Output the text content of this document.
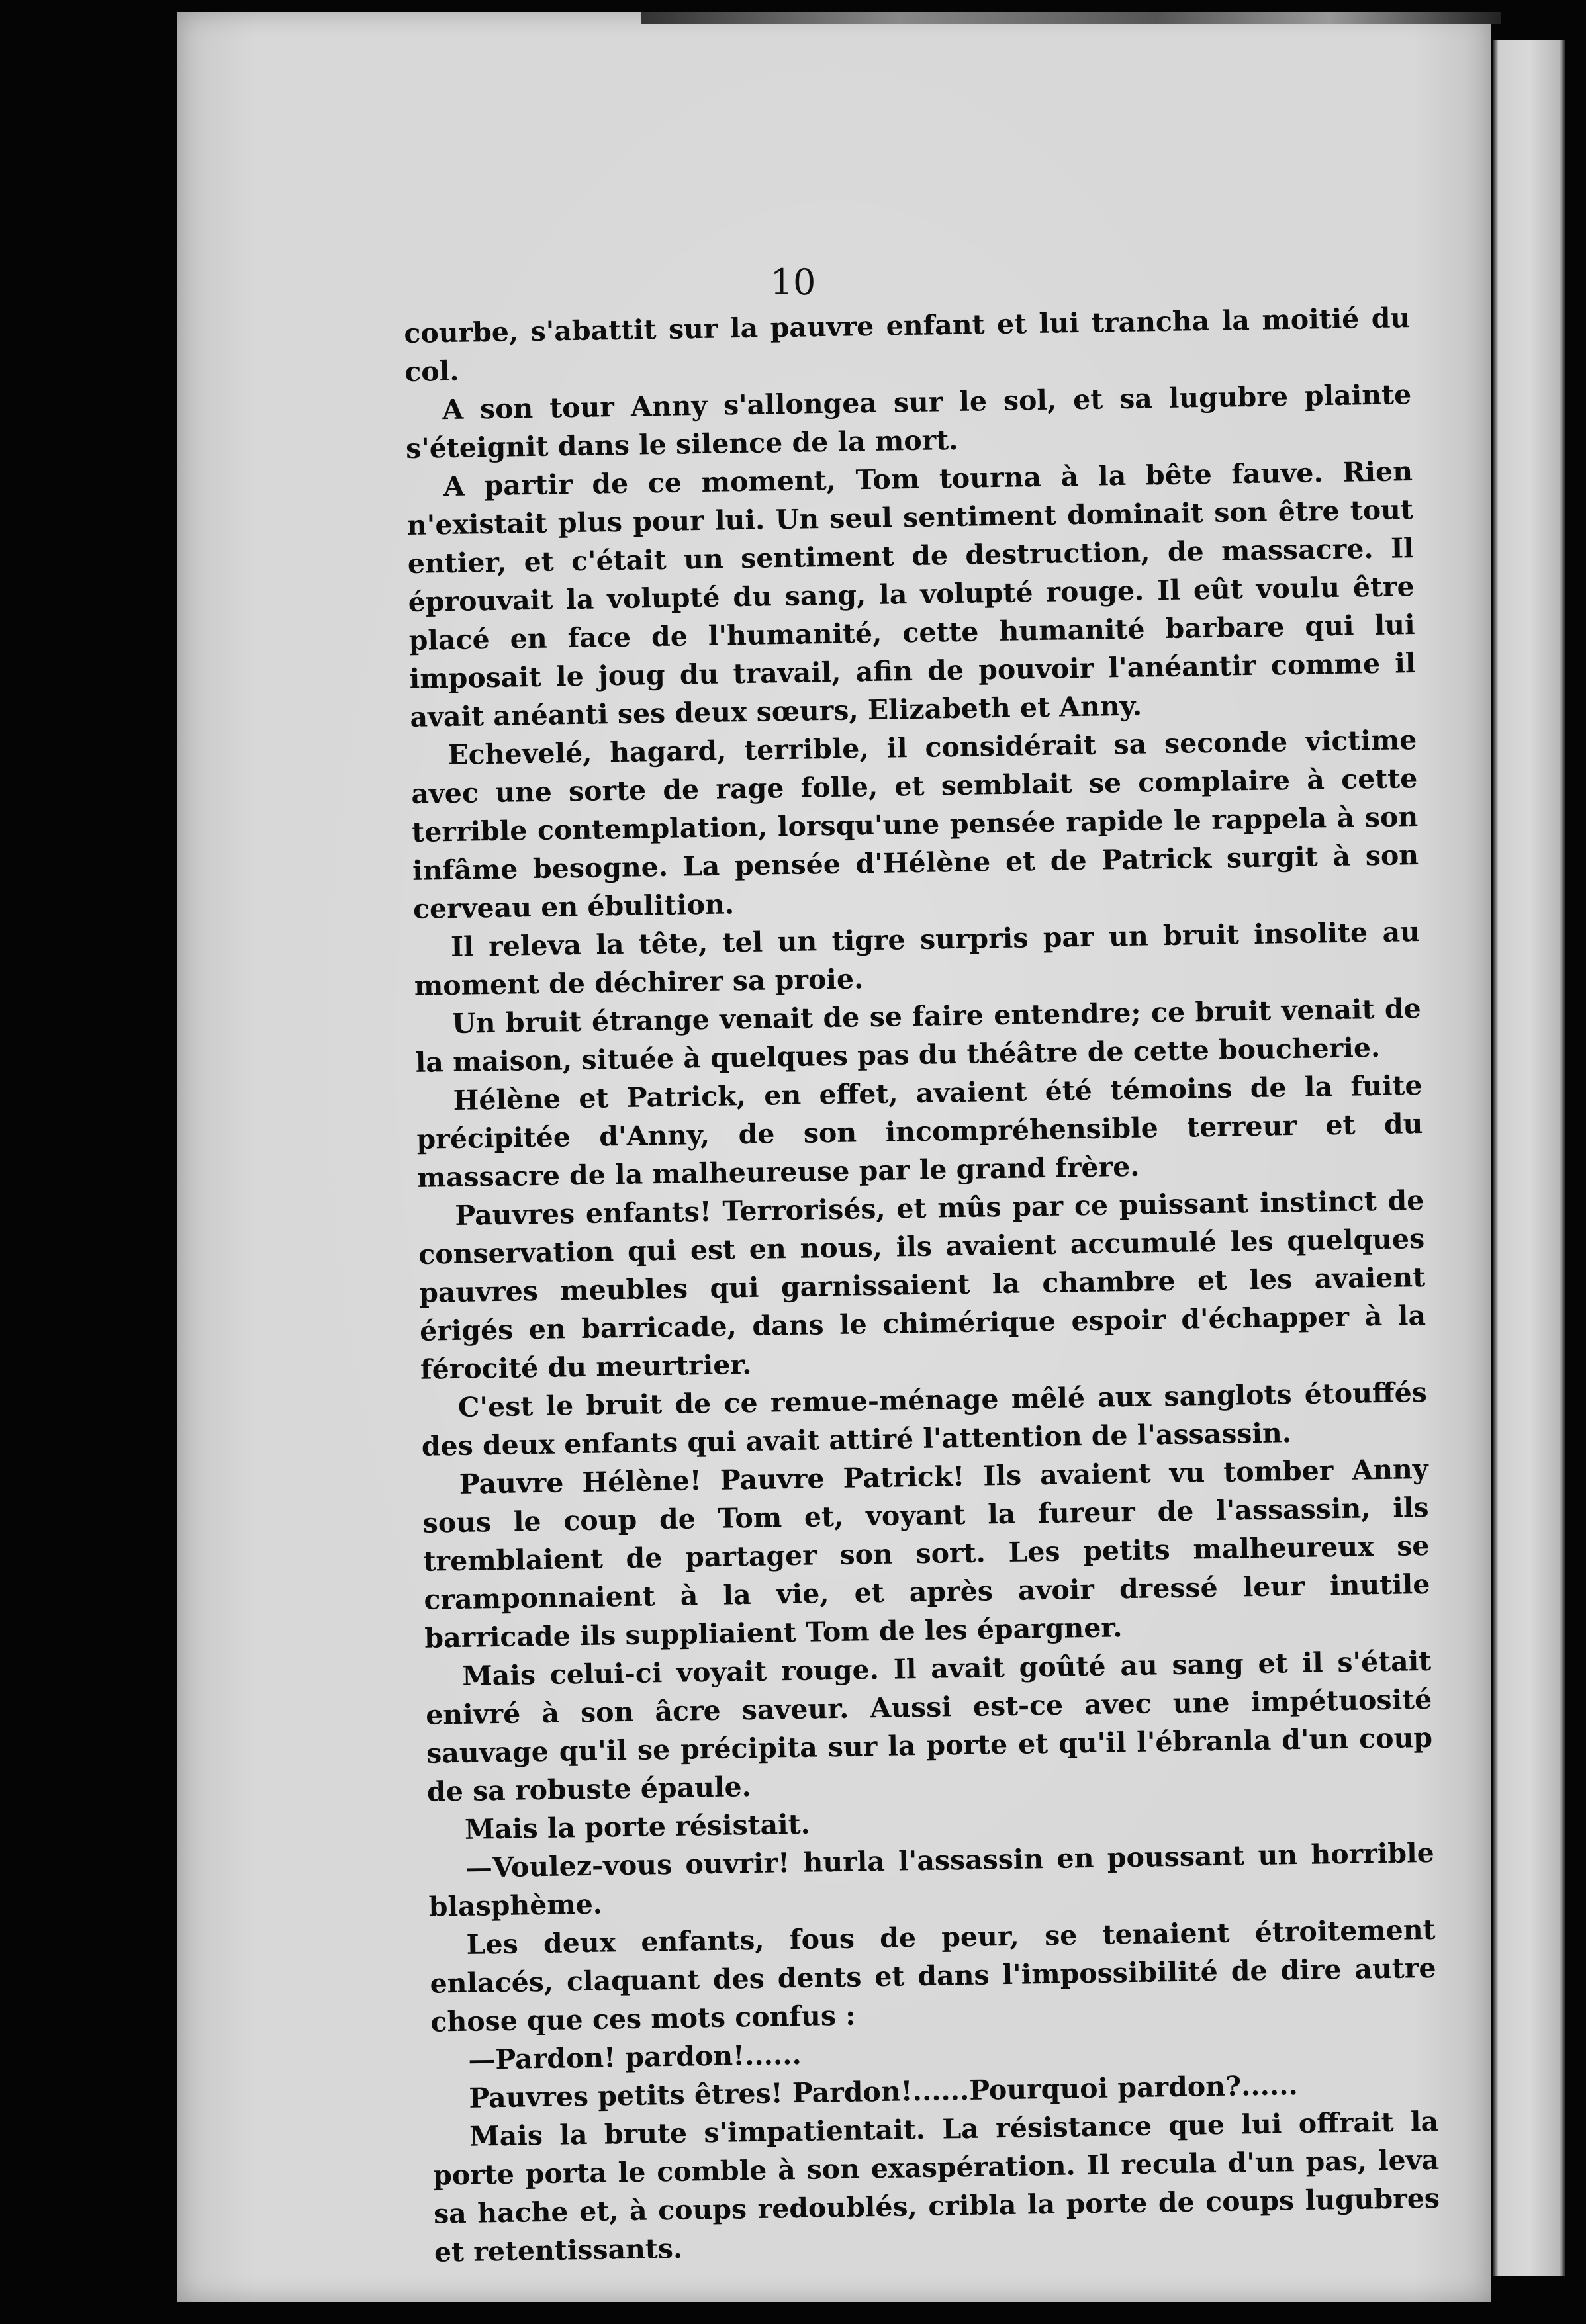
10

courbe, s'abattit sur la pauvre enfant et lui trancha la moitié du col.

A son tour Anny s'allongea sur le sol, et sa lugubre plainte s'éteignit dans le silence de la mort.

A partir de ce moment, Tom tourna à la bête fauve. Rien n'existait plus pour lui. Un seul sentiment dominait son être tout entier, et c'était un sentiment de destruction, de massacre. Il éprouvait la volupté du sang, la volupté rouge. Il eût voulu être placé en face de l'humanité, cette humanité barbare qui lui imposait le joug du travail, afin de pouvoir l'anéantir comme il avait anéanti ses deux sœurs, Elizabeth et Anny.

Echevelé, hagard, terrible, il considérait sa seconde victime avec une sorte de rage folle, et semblait se complaire à cette terrible contemplation, lorsqu'une pensée rapide le rappela à son infâme besogne. La pensée d'Hélène et de Patrick surgit à son cerveau en ébulition.

Il releva la tête, tel un tigre surpris par un bruit insolite au moment de déchirer sa proie.

Un bruit étrange venait de se faire entendre; ce bruit venait de la maison, située à quelques pas du théâtre de cette boucherie.

Hélène et Patrick, en effet, avaient été témoins de la fuite précipitée d'Anny, de son incompréhensible terreur et du massacre de la malheureuse par le grand frère.

Pauvres enfants! Terrorisés, et mûs par ce puissant instinct de conservation qui est en nous, ils avaient accumulé les quelques pauvres meubles qui garnissaient la chambre et les avaient érigés en barricade, dans le chimérique espoir d'échapper à la férocité du meurtrier.

C'est le bruit de ce remue-ménage mêlé aux sanglots étouffés des deux enfants qui avait attiré l'attention de l'assassin.

Pauvre Hélène! Pauvre Patrick! Ils avaient vu tomber Anny sous le coup de Tom et, voyant la fureur de l'assassin, ils tremblaient de partager son sort. Les petits malheureux se cramponnaient à la vie, et après avoir dressé leur inutile barricade ils suppliaient Tom de les épargner.

Mais celui-ci voyait rouge. Il avait goûté au sang et il s'était enivré à son âcre saveur. Aussi est-ce avec une impétuosité sauvage qu'il se précipita sur la porte et qu'il l'ébranla d'un coup de sa robuste épaule.

Mais la porte résistait.

—Voulez-vous ouvrir! hurla l'assassin en poussant un horrible blasphème.

Les deux enfants, fous de peur, se tenaient étroitement enlacés, claquant des dents et dans l'impossibilité de dire autre chose que ces mots confus :

—Pardon! pardon!......

Pauvres petits êtres! Pardon!......Pourquoi pardon?......

Mais la brute s'impatientait. La résistance que lui offrait la porte porta le comble à son exaspération. Il recula d'un pas, leva sa hache et, à coups redoublés, cribla la porte de coups lugubres et retentissants.
